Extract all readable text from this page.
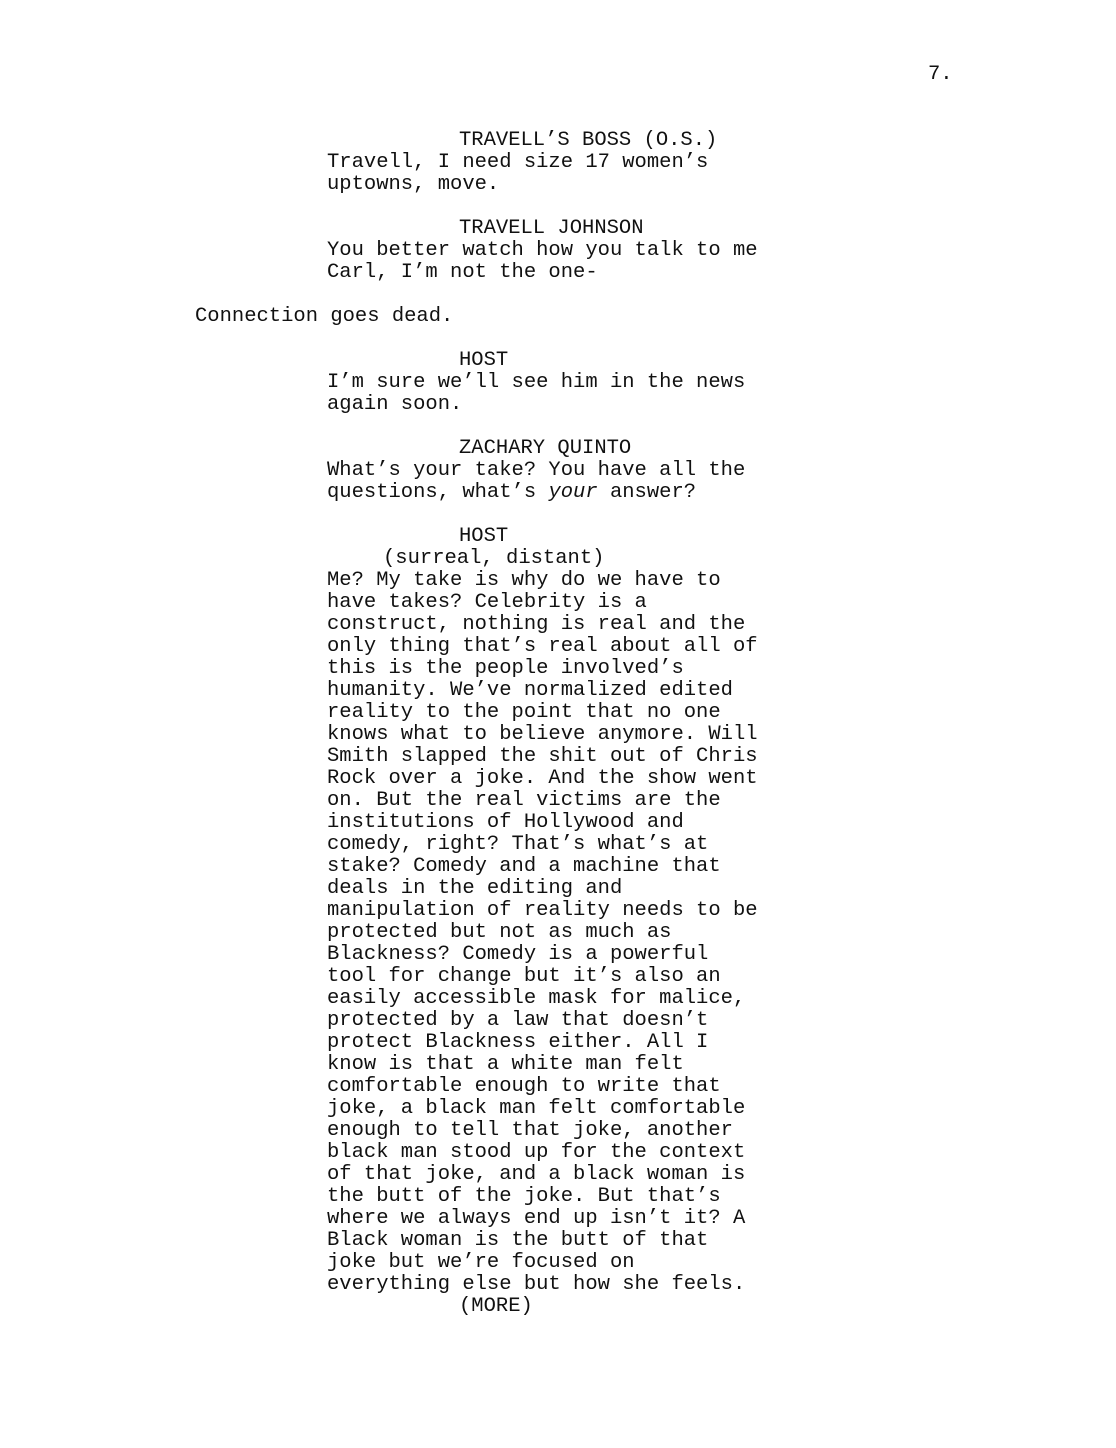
7.
TRAVELL’S BOSS (O.S.)
Travell, I need size 17 women’s
uptowns, move.
TRAVELL JOHNSON
You better watch how you talk to me
Carl, I’m not the one-
Connection goes dead.
HOST
I’m sure we’ll see him in the news
again soon.
ZACHARY QUINTO
What’s your take? You have all the
questions, what’s your answer?
HOST
(surreal, distant)
Me? My take is why do we have to
have takes? Celebrity is a
construct, nothing is real and the
only thing that’s real about all of
this is the people involved’s
humanity. We’ve normalized edited
reality to the point that no one
knows what to believe anymore. Will
Smith slapped the shit out of Chris
Rock over a joke. And the show went
on. But the real victims are the
institutions of Hollywood and
comedy, right? That’s what’s at
stake? Comedy and a machine that
deals in the editing and
manipulation of reality needs to be
protected but not as much as
Blackness? Comedy is a powerful
tool for change but it’s also an
easily accessible mask for malice,
protected by a law that doesn’t
protect Blackness either. All I
know is that a white man felt
comfortable enough to write that
joke, a black man felt comfortable
enough to tell that joke, another
black man stood up for the context
of that joke, and a black woman is
the butt of the joke. But that’s
where we always end up isn’t it? A
Black woman is the butt of that
joke but we’re focused on
everything else but how she feels.
(MORE)
